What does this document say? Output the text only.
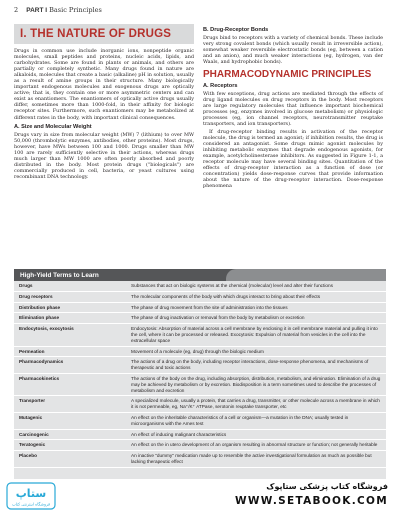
2 PART I Basic Principles
I. THE NATURE OF DRUGS

Drugs in common use include inorganic ions, nonpeptide organic molecules, small peptides and proteins, nucleic acids, lipids, and carbohydrates. Some are found in plants or animals, and others are partially or completely synthetic. Many drugs found in nature are alkaloids, molecules that create a basic (alkaline) pH in solution, usually as a result of amine groups in their structure. Many biologically important endogenous molecules and exogenous drugs are optically active; that is, they contain one or more asymmetric centers and can exist as enantiomers. The enantiomers of optically active drugs usually differ, sometimes more than 1000-fold, in their affinity for biologic receptor sites. Furthermore, such enantiomers may be metabolized at different rates in the body, with important clinical consequences.

A. Size and Molecular Weight

Drugs vary in size from molecular weight (MW) 7 (lithium) to over MW 50,000 (thrombolytic enzymes, antibodies, other proteins). Most drugs, however, have MWs between 100 and 1000. Drugs smaller than MW 100 are rarely sufficiently selective in their actions, whereas drugs much larger than MW 1000 are often poorly absorbed and poorly distributed in the body. Most protein drugs ("biologicals") are commercially produced in cell, bacteria, or yeast cultures using recombinant DNA technology.

B. Drug-Receptor Bonds

Drugs bind to receptors with a variety of chemical bonds. These include very strong covalent bonds (which usually result in irreversible action), somewhat weaker reversible electrostatic bonds (eg, between a cation and an anion), and much weaker interactions (eg, hydrogen, van der Waals, and hydrophobic bonds).

PHARMACODYNAMIC PRINCIPLES
A. Receptors

With few exceptions, drug actions are mediated through the effects of drug ligand molecules on drug receptors in the body. Most receptors are large regulatory molecules that influence important biochemical processes (eg, enzymes involved in glucose metabolism) or physiologic processes (eg, ion channel receptors, neurotransmitter reuptake transporters, and ion transporters).

If drug-receptor binding results in activation of the receptor molecule, the drug is termed an agonist; if inhibition results, the drug is considered an antagonist. Some drugs mimic agonist molecules by inhibiting metabolic enzymes that degrade endogenous agonists, for example, acetylcholinesterase inhibitors. As suggested in Figure 1-1, a receptor molecule may have several binding sites. Quantitation of the effects of drug-receptor interaction as a function of dose (or concentration) yields dose-response curves that provide information about the nature of the drug-receptor interaction. Dose-response phenomena

High-Yield Terms to Learn
Drugs	Substances that act on biologic systems at the chemical (molecular) level and alter their functions
Drug receptors	The molecular components of the body with which drugs interact to bring about their effects
Distribution phase	The phase of drug movement from the site of administration into the tissues
Elimination phase	The phase of drug inactivation or removal from the body by metabolism or excretion
Endocytosis, exocytosis	Endocytosis: Absorption of material across a cell membrane by enclosing it in cell membrane material and pulling it into the cell, where it can be processed or released. Exocytosis: Expulsion of material from vesicles in the cell into the extracellular space
Permeation	Movement of a molecule (eg, drug) through the biologic medium
Pharmacodynamics	The actions of a drug on the body, including receptor interactions, dose-response phenomena, and mechanisms of therapeutic and toxic actions
Pharmacokinetics	The actions of the body on the drug, including absorption, distribution, metabolism, and elimination. Elimination of a drug may be achieved by metabolism or by excretion. Biodisposition is a term sometimes used to describe the processes of metabolism and excretion
Transporter	A specialized molecule, usually a protein, that carries a drug, transmitter, or other molecule across a membrane in which it is not permeable, eg, Na⁺/K⁺ ATPase, serotonin reuptake transporter, etc
Mutagenic	An effect on the inheritable characteristics of a cell or organism—a mutation in the DNA; usually tested in microorganisms with the Ames test
Carcinogenic	An effect of inducing malignant characteristics
Teratogenic	An effect on the in utero development of an organism resulting in abnormal structure or function; not generally heritable
Placebo	An inactive "dummy" medication made up to resemble the active investigational formulation as much as possible but lacking therapeutic effect
ستاپ
فروشگاه اینترنتی کتاب
فروشگاه کتاب پزشکی ستاپوک
WWW.SETABOOK.COM
